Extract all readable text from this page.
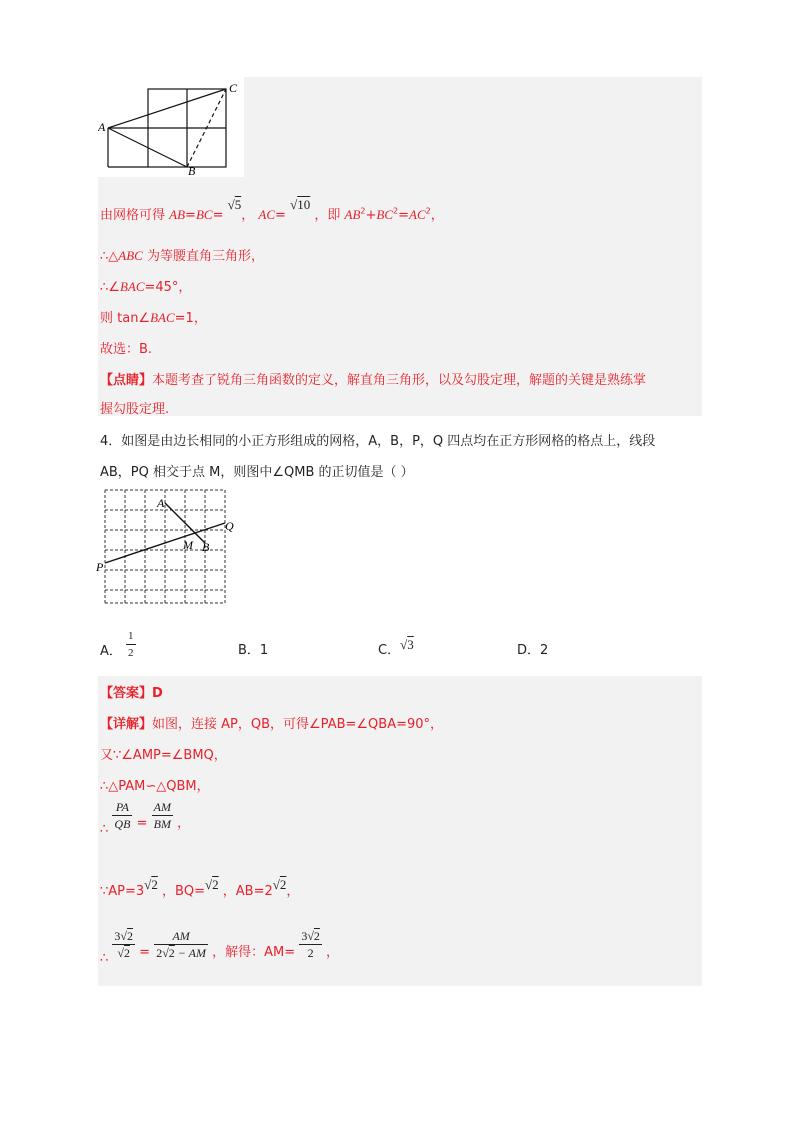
A
C
B
由网格可得 AB=BC= √5， AC= √10 ，即 $AB^2+BC^2=AC^2$，
∴△ABC 为等腰直角三角形，
∴∠BAC=45°，
则 tan∠BAC=1，
故选：B.
【点睛】本题考查了锐角三角函数的定义，解直角三角形，以及勾股定理，解题的关键是熟练掌
握勾股定理.
4．如图是由边长相同的小正方形组成的网格，A，B，P，Q 四点均在正方形网格的格点上，线段
AB，PQ 相交于点 M，则图中∠QMB 的正切值是（ ）
A
Q
M B
P
A． $\frac{1}{2}$	B．1	C．√3	D．2
【答案】D
【详解】如图，连接 AP，QB，可得∠PAB=∠QBA=90°，
又∵∠AMP=∠BMQ，
∴△PAM∽△QBM，
∴ $\frac{PA}{QB} = \frac{AM}{BM}$ ，
∵AP=3√2 ，BQ=√2 ，AB=2√2，
∴ $\frac{3√2}{√2} = \frac{AM}{2√2 - AM}$ ，解得：$AM= \frac{3√2}{2}$ ，
